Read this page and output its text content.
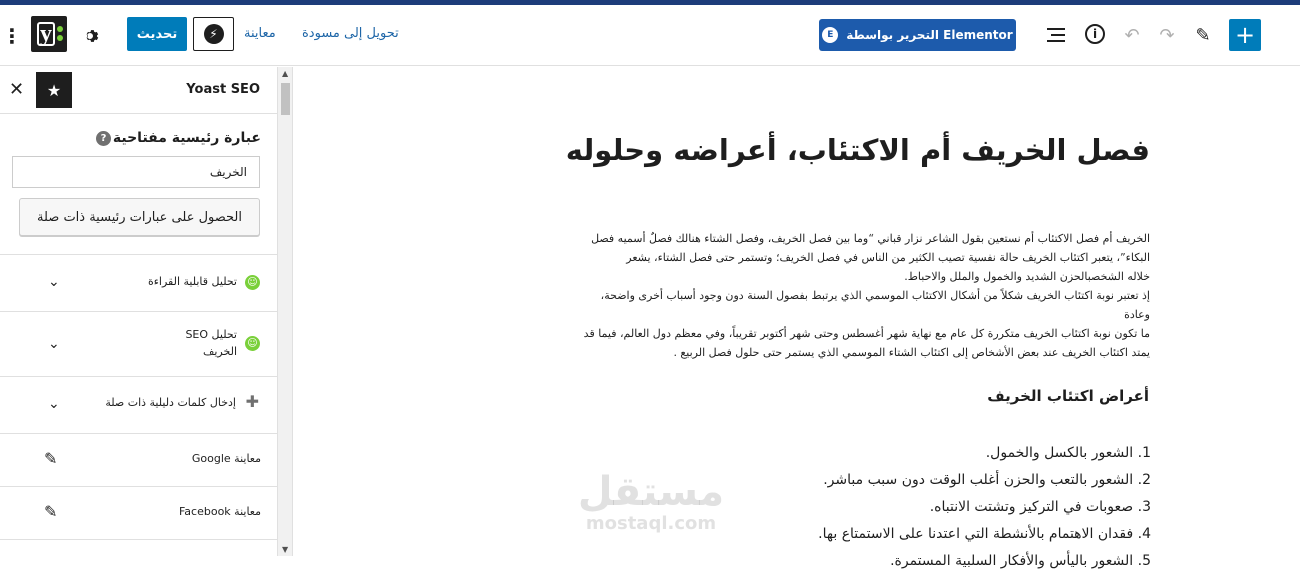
⋮ y	تحديث	⚡	معاينة تحويل إلى مسودة	E	التحرير بواسطة Elementor	i	↶ ↷ ✎ +
✕	★	Yoast SEO
عبارة رئيسية مفتاحية
?
الخريف
الحصول على عبارات رئيسية ذات صلة
⌄	تحليل قابلية القراءة ☺
⌄
تحليل SEO
الخريف
☺
⌄	إدخال كلمات دليلية ذات صلة ✚
✎	معاينة Google
✎	معاينة Facebook
▲
▼
فصل الخريف أم الاكتئاب، أعراضه وحلوله

الخريف أم فصل الاكتئاب أم نستعين بقول الشاعر نزار قباني “وما بين فصل الخريف، وفصل الشتاء هنالك فصلٌ أسميه فصل

البكاء”، يتعبر اكتئاب الخريف حالة نفسية تصيب الكثير من الناس في فصل الخريف؛ وتستمر حتى فصل الشتاء، يشعر

خلاله الشخصبالحزن الشديد والخمول والملل والاحباط.

إذ تعتبر نوبة اكتئاب الخريف شكلاً من أشكال الاكتئاب الموسمي الذي يرتبط بفصول السنة دون وجود أسباب أخرى واضحة،

وعادة

ما تكون نوبة اكتئاب الخريف متكررة كل عام مع نهاية شهر أغسطس وحتى شهر أكتوبر تقريباً، وفي معظم دول العالم، فيما قد

يمتد اكتئاب الخريف عند بعض الأشخاص إلى اكتئاب الشتاء الموسمي الذي يستمر حتى حلول فصل الربيع .

أعراض اكتئاب الخريف
1. الشعور بالكسل والخمول.
2. الشعور بالتعب والحزن أغلب الوقت دون سبب مباشر.
3. صعوبات في التركيز وتشتت الانتباه.
4. فقدان الاهتمام بالأنشطة التي اعتدنا على الاستمتاع بها.
5. الشعور باليأس والأفكار السلبية المستمرة.
مستقل
mostaql.com
